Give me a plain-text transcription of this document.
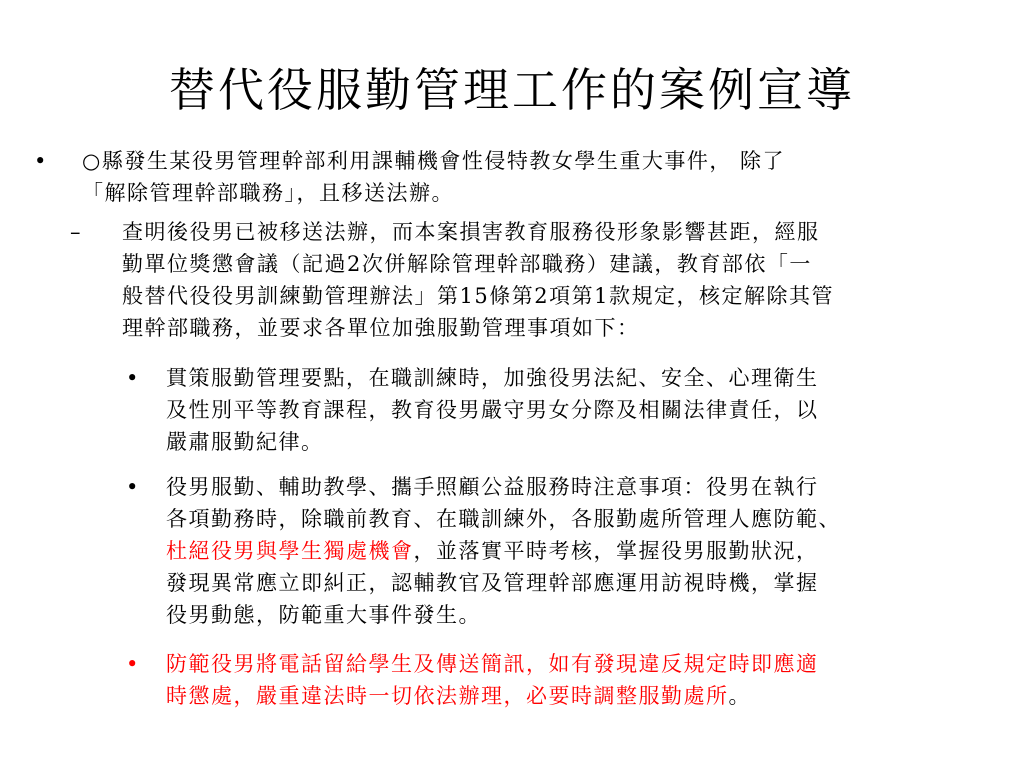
替代役服勤管理工作的案例宣導
• ○縣發生某役男管理幹部利用課輔機會性侵特教女學生重大事件， 除了
「解除管理幹部職務」，且移送法辦。
– 查明後役男已被移送法辦，而本案損害教育服務役形象影響甚距，經服
勤單位獎懲會議（記過2次併解除管理幹部職務）建議，教育部依「一
般替代役役男訓練勤管理辦法」第15條第2項第1款規定，核定解除其管
理幹部職務，並要求各單位加強服勤管理事項如下：
• 貫策服勤管理要點，在職訓練時，加強役男法紀、安全、心理衛生
及性別平等教育課程，教育役男嚴守男女分際及相關法律責任，以
嚴肅服勤紀律。
• 役男服勤、輔助教學、攜手照顧公益服務時注意事項：役男在執行
各項勤務時，除職前教育、在職訓練外，各服勤處所管理人應防範、
杜絕役男與學生獨處機會，並落實平時考核，掌握役男服勤狀況，
發現異常應立即糾正，認輔教官及管理幹部應運用訪視時機，掌握
役男動態，防範重大事件發生。
• 防範役男將電話留給學生及傳送簡訊，如有發現違反規定時即應適
時懲處，嚴重違法時一切依法辦理，必要時調整服勤處所。
